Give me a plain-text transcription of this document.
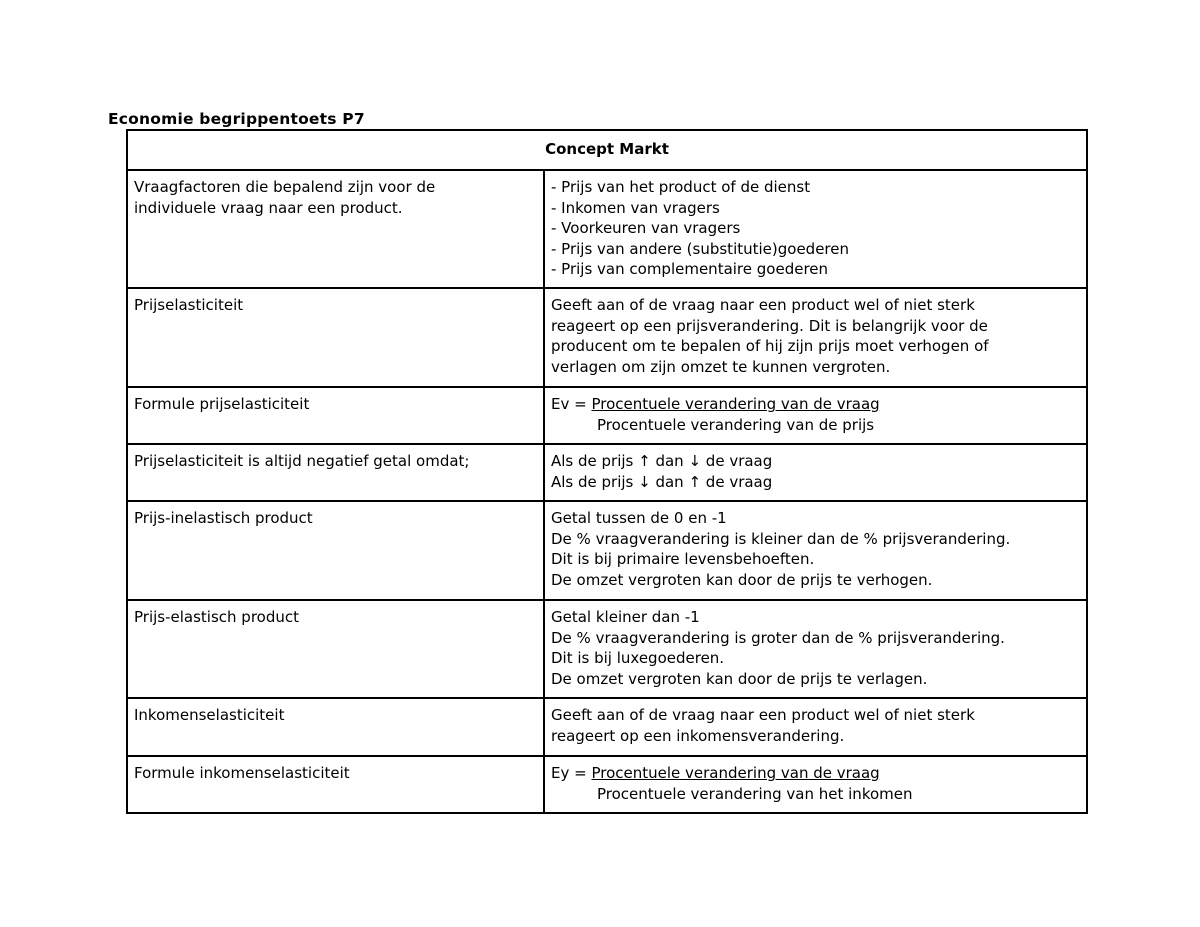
Economie begrippentoets P7
Concept Markt	

Vraagfactoren die bepalend zijn voor de
individuele vraag naar een product.	- Prijs van het product of de dienst
- Inkomen van vragers
- Voorkeuren van vragers
- Prijs van andere (substitutie)goederen
- Prijs van complementaire goederen

Prijselasticiteit	Geeft aan of de vraag naar een product wel of niet sterk
reageert op een prijsverandering. Dit is belangrijk voor de
producent om te bepalen of hij zijn prijs moet verhogen of
verlagen om zijn omzet te kunnen vergroten.

Formule prijselasticiteit	Ev = Procentuele verandering van de vraag
Procentuele verandering van de prijs

Prijselasticiteit is altijd negatief getal omdat;	Als de prijs ↑ dan ↓ de vraag
Als de prijs ↓ dan ↑ de vraag

Prijs-inelastisch product	Getal tussen de 0 en -1
De % vraagverandering is kleiner dan de % prijsverandering.
Dit is bij primaire levensbehoeften.
De omzet vergroten kan door de prijs te verhogen.

Prijs-elastisch product	Getal kleiner dan -1
De % vraagverandering is groter dan de % prijsverandering.
Dit is bij luxegoederen.
De omzet vergroten kan door de prijs te verlagen.

Inkomenselasticiteit	Geeft aan of de vraag naar een product wel of niet sterk
reageert op een inkomensverandering.

Formule inkomenselasticiteit	Ey = Procentuele verandering van de vraag
Procentuele verandering van het inkomen
